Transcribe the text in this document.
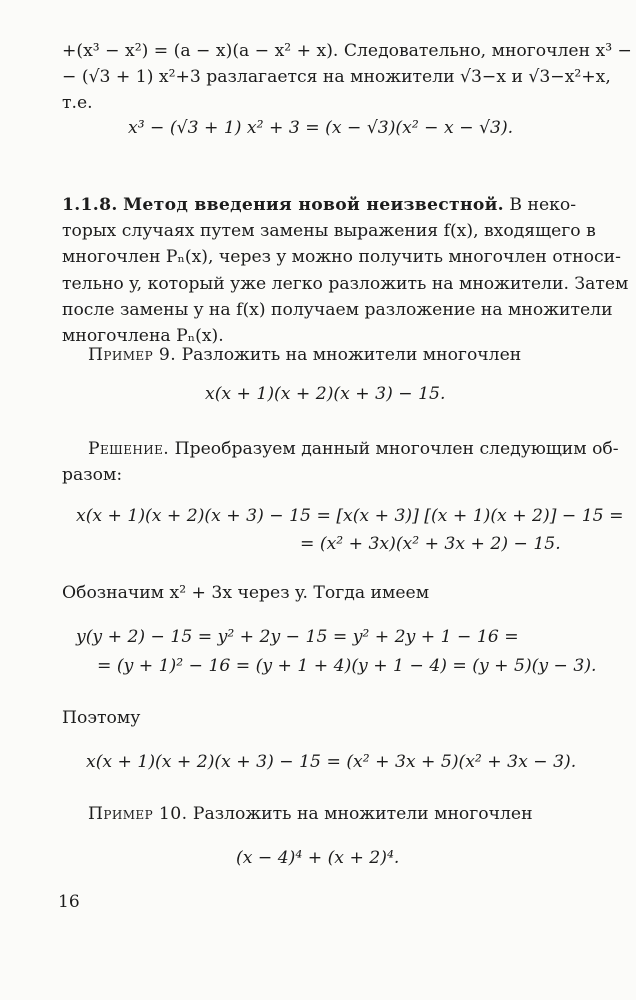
+(x³ − x²) = (a − x)(a − x² + x). Следовательно, многочлен x³ −
− (√3 + 1) x²+3 разлагается на множители √3−x и √3−x²+x,
т.е.
x³ − (√3 + 1) x² + 3 = (x − √3)(x² − x − √3).
1.1.8. Метод введения новой неизвестной. В неко-
торых случаях путем замены выражения f(x), входящего в
многочлен Pₙ(x), через y можно получить многочлен относи-
тельно y, который уже легко разложить на множители. Затем
после замены y на f(x) получаем разложение на множители
многочлена Pₙ(x).
Пример 9. Разложить на множители многочлен
x(x + 1)(x + 2)(x + 3) − 15.
Решение. Преобразуем данный многочлен следующим об-
разом:
x(x + 1)(x + 2)(x + 3) − 15 = [x(x + 3)] [(x + 1)(x + 2)] − 15 =
= (x² + 3x)(x² + 3x + 2) − 15.
Обозначим x² + 3x через y. Тогда имеем
y(y + 2) − 15 = y² + 2y − 15 = y² + 2y + 1 − 16 =
= (y + 1)² − 16 = (y + 1 + 4)(y + 1 − 4) = (y + 5)(y − 3).
Поэтому
x(x + 1)(x + 2)(x + 3) − 15 = (x² + 3x + 5)(x² + 3x − 3).
Пример 10. Разложить на множители многочлен
(x − 4)⁴ + (x + 2)⁴.
16
